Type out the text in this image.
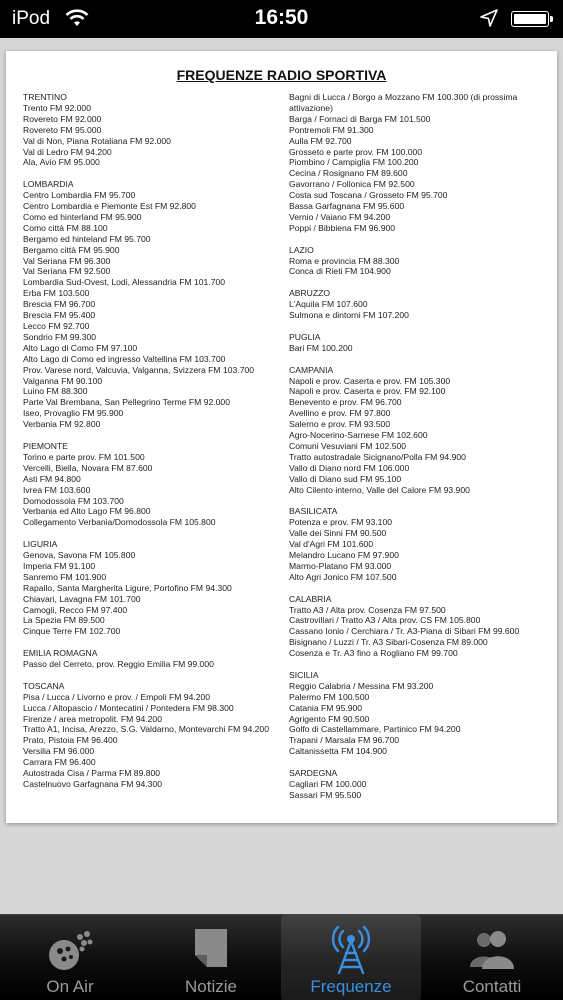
iPod	16:50
FREQUENZE RADIO SPORTIVA
TRENTINO
Trento FM 92.000
Rovereto FM 92.000
Rovereto FM 95.000
Val di Non, Piana Rotaliana FM 92.000
Val di Ledro FM 94.200
Ala, Avio FM 95.000
LOMBARDIA
Centro Lombardia FM 95.700
Centro Lombardia e Piemonte Est FM 92.800
Como ed hinterland FM 95.900
Como città FM 88.100
Bergamo ed hinteland FM 95.700
Bergamo città FM 95.900
Val Seriana FM 96.300
Val Seriana FM 92.500
Lombardia Sud-Ovest, Lodi, Alessandria FM 101.700
Erba FM 103.500
Brescia FM 96.700
Brescia FM 95.400
Lecco FM 92.700
Sondrio FM 99.300
Alto Lago di Como FM 97.100
Alto Lago di Como ed ingresso Valtellina FM 103.700
Prov. Varese nord, Valcuvia, Valganna, Svizzera FM 103.700
Valganna FM 90.100
Luino FM 88.300
Parte Val Brembana, San Pellegrino Terme FM 92.000
Iseo, Provaglio FM 95.900
Verbania FM 92.800
PIEMONTE
Torino e parte prov. FM 101.500
Vercelli, Biella, Novara FM 87.600
Asti FM 94.800
Ivrea FM 103.600
Domodossola FM 103.700
Verbania ed Alto Lago FM 96.800
Collegamento Verbania/Domodossola FM 105.800
LIGURIA
Genova, Savona FM 105.800
Imperia FM 91.100
Sanremo FM 101.900
Rapallo, Santa Margherita Ligure, Portofino FM 94.300
Chiavari, Lavagna FM 101.700
Camogli, Recco FM 97.400
La Spezia FM 89.500
Cinque Terre FM 102.700
EMILIA ROMAGNA
Passo del Cerreto, prov. Reggio Emilia FM 99.000
TOSCANA
Pisa / Lucca / Livorno e prov. / Empoli FM 94.200
Lucca / Altopascio / Montecatini / Pontedera FM 98.300
Firenze / area metropolit. FM 94.200
Tratto A1, Incisa, Arezzo, S.G. Valdarno, Montevarchi FM 94.200
Prato, Pistoia FM 96.400
Versilia FM 96.000
Carrara FM 96.400
Autostrada Cisa / Parma FM 89.800
Castelnuovo Garfagnana FM 94.300
Bagni di Lucca / Borgo a Mozzano FM 100.300 (di prossima attivazione)
Barga / Fornaci di Barga FM 101.500
Pontremoli FM 91.300
Aulla FM 92.700
Grosseto e parte prov. FM 100.000
Piombino / Campiglia FM 100.200
Cecina / Rosignano FM 89.600
Gavorrano / Follonica FM 92.500
Costa sud Toscana / Grosseto FM 95.700
Bassa Garfagnana FM 95.600
Vernio / Vaiano FM 94.200
Poppi / Bibbiena FM 96.900
LAZIO
Roma e provincia FM 88.300
Conca di Rieti FM 104.900
ABRUZZO
L'Aquila FM 107.600
Sulmona e dintorni FM 107.200
PUGLIA
Bari FM 100.200
CAMPANIA
Napoli e prov. Caserta e prov. FM 105.300
Napoli e prov. Caserta e prov. FM 92.100
Benevento e prov. FM 96.700
Avellino e prov. FM 97.800
Salerno e prov. FM 93.500
Agro-Nocerino-Sarnese FM 102.600
Comuni Vesuviani FM 102.500
Tratto autostradale Sicignano/Polla FM 94.900
Vallo di Diano nord FM 106.000
Vallo di Diano sud FM 95.100
Alto Cilento interno, Valle del Calore FM 93.900
BASILICATA
Potenza e prov. FM 93.100
Valle dei Sinni FM 90.500
Val d'Agri FM 101.600
Melandro Lucano FM 97.900
Marmo-Platano FM 93.000
Alto Agri Jonico FM 107.500
CALABRIA
Tratto A3 / Alta prov. Cosenza FM 97.500
Castrovillari / Tratto A3 / Alta prov. CS FM 105.800
Cassano Ionio / Cerchiara / Tr. A3-Piana di Sibari FM 99.600
Bisignano / Luzzi / Tr. A3 Sibari-Cosenza FM 89.000
Cosenza e Tr. A3 fino a Rogliano FM 99.700
SICILIA
Reggio Calabria / Messina FM 93.200
Palermo FM 100.500
Catania FM 95.900
Agrigento FM 90.500
Golfo di Castellammare, Partinico FM 94.200
Trapani / Marsala FM 96.700
Caltanissetta FM 104.900
SARDEGNA
Cagliari FM 100.000
Sassari FM 95.500
On Air	Notizie	Frequenze	Contatti
